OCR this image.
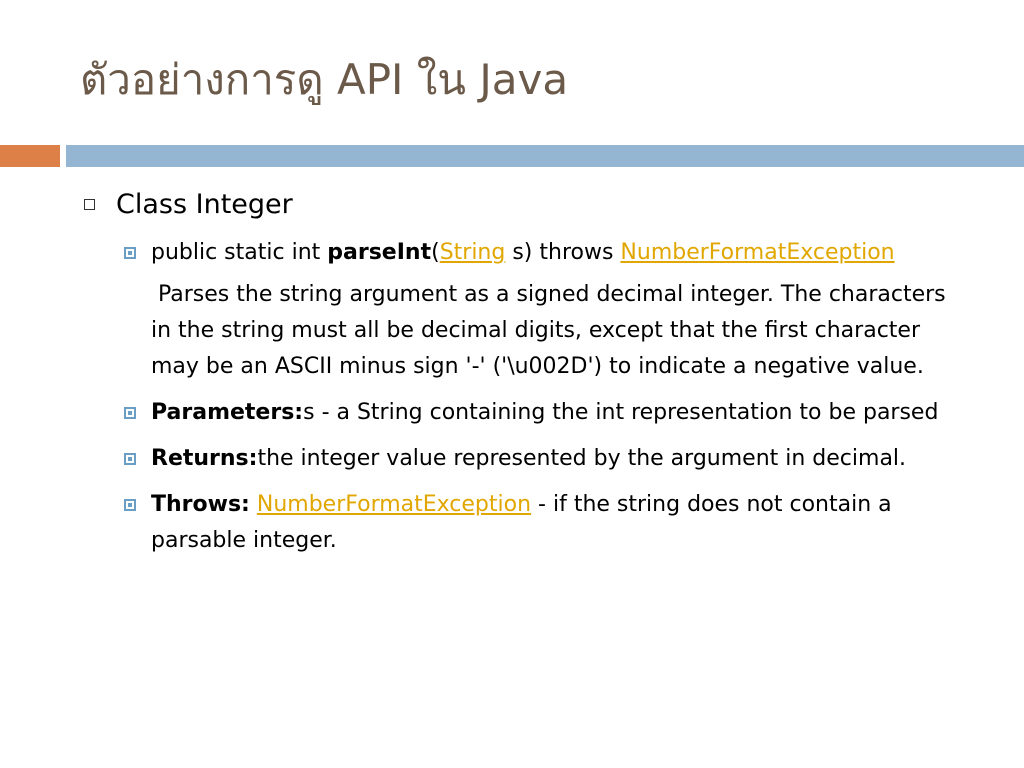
ตัวอย่างการดู API ใน Java
Class Integer
public static int parseInt(String s) throws NumberFormatException
Parses the string argument as a signed decimal integer. The characters in the string must all be decimal digits, except that the first character may be an ASCII minus sign '-' ('\u002D') to indicate a negative value.
Parameters:s - a String containing the int representation to be parsed
Returns:the integer value represented by the argument in decimal.
Throws: NumberFormatException - if the string does not contain a parsable integer.
